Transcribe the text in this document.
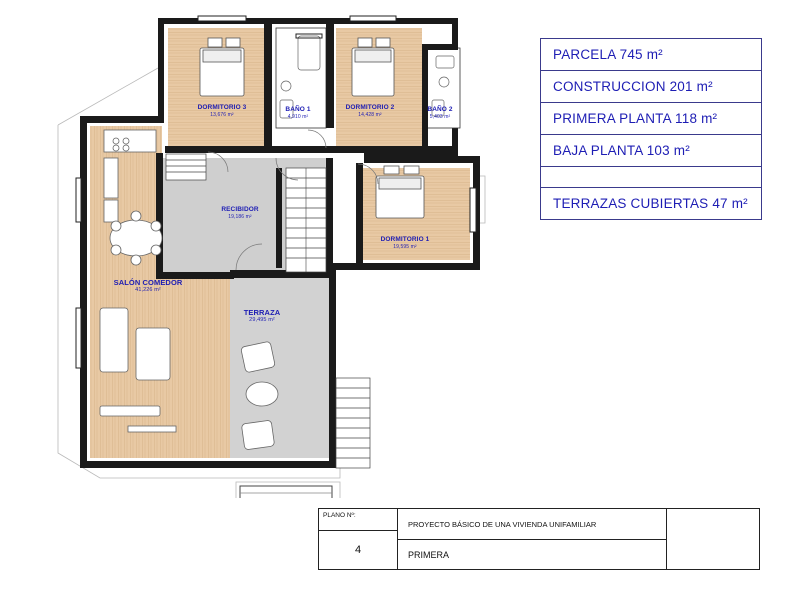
DORMITORIO 3
13,676 m²
BAÑO 1
4,910 m²
DORMITORIO 2
14,428 m²
BAÑO 2
5,403 m²
RECIBIDOR
19,186 m²
DORMITORIO 1
19,595 m²
SALÓN COMEDOR
41,226 m²
TERRAZA
29,495 m²
PARCELA 745 m²
CONSTRUCCION 201 m²
PRIMERA PLANTA 118 m²
BAJA PLANTA 103 m²
TERRAZAS CUBIERTAS 47 m²
PLANO Nº:
4
PROYECTO BÁSICO DE UNA VIVIENDA UNIFAMILIAR
PRIMERA
